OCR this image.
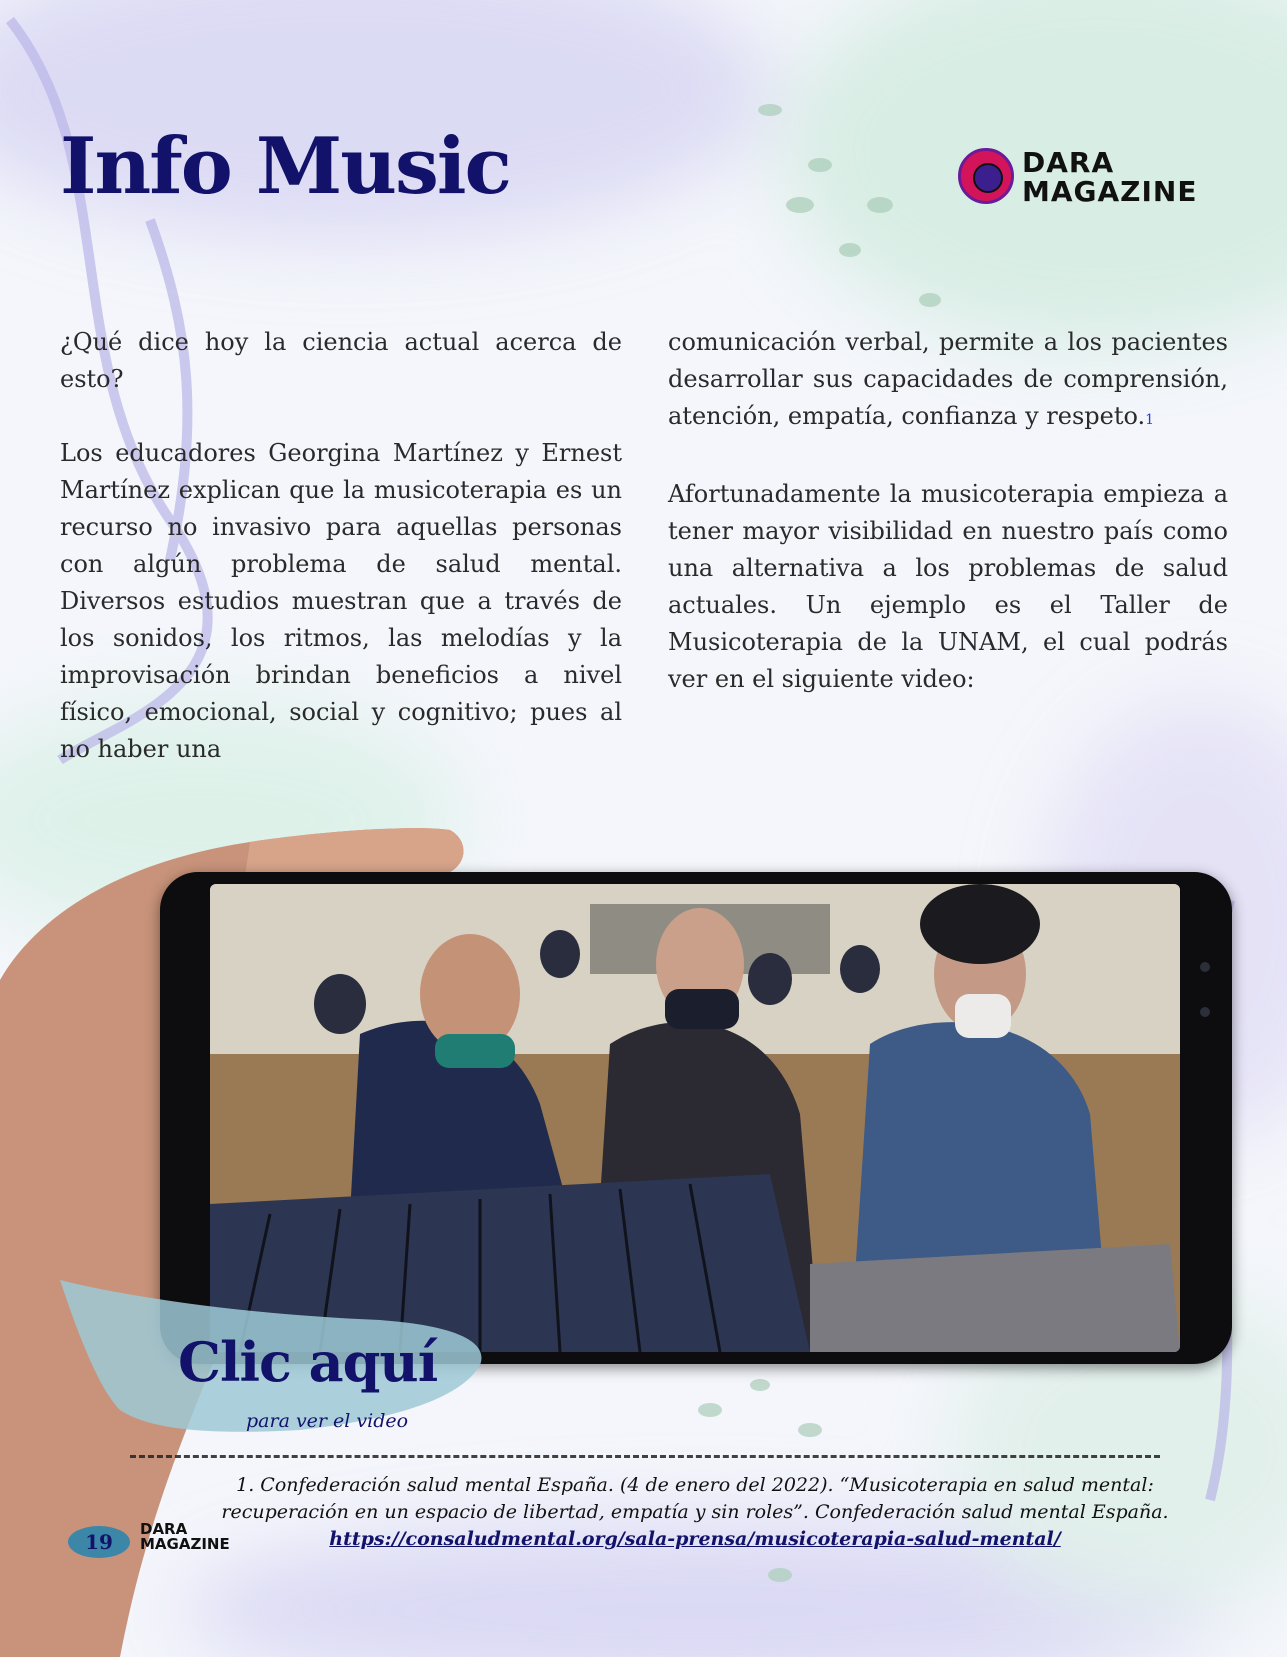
Info Music	DARA
MAGAZINE

¿Qué dice hoy la ciencia actual acerca de esto?

Los educadores Georgina Martínez y Ernest Martínez explican que la musicoterapia es un recurso no invasivo para aquellas personas con algún problema de salud mental. Diversos estudios muestran que a través de los sonidos, los ritmos, las melodías y la improvisación brindan beneficios a nivel físico, emocional, social y cognitivo; pues al no haber una

comunicación verbal, permite a los pacientes desarrollar sus capacidades de comprensión, atención, empatía, confianza y respeto.1

Afortunadamente la musicoterapia empieza a tener mayor visibilidad en nuestro país como una alternativa a los problemas de salud actuales. Un ejemplo es el Taller de Musicoterapia de la UNAM, el cual podrás ver en el siguiente video:

Clic aquí

para ver el video
1. Confederación salud mental España. (4 de enero del 2022). “Musicoterapia en salud mental:
recuperación en un espacio de libertad, empatía y sin roles”. Confederación salud mental España.
https://consaludmental.org/sala-prensa/musicoterapia-salud-mental/
19
DARA
MAGAZINE
